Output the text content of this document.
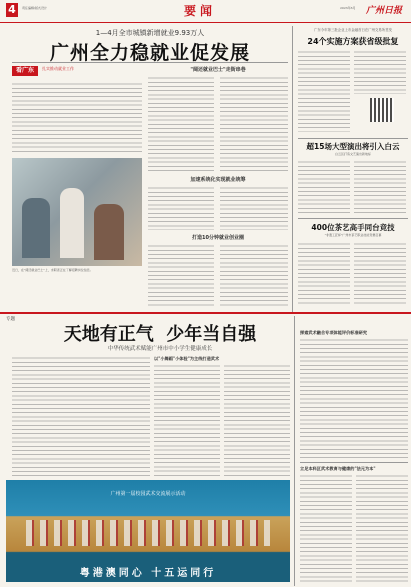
4	责任编辑/版式设计	要闻	2023年6月 广州日报
1—4月全市城镇新增就业9.93万人
广州全力稳就业促发展
看广东	扎实推动就业工作
近日，在"阔还就业巴士"上，求职者正在了解招聘岗位信息。
"阔还就业巴士"走街串巷
加速系统化实现就业统筹
打造10分钟就业创业圈
广东今年第三批企业上市金融首日在广州交易所签发
24个实施方案获省级批复
超15场大型演出将引入白云
白云区打造文艺演出新地标
400位茶艺高手同台竞技
"非遗工匠杯"广州市茶艺职业技能竞赛启幕
专题
天地有正气  少年当自强
中华传统武术赋能广州市中小学生健康成长
以"小舞蹈"小体验"为主线打造武术
广州第一届校园武术交流展示活动
粤港澳同心 十五运同行
探索武术融合专项体能评价标准研究
立足本科区武术教育与健康的"法元为本"
